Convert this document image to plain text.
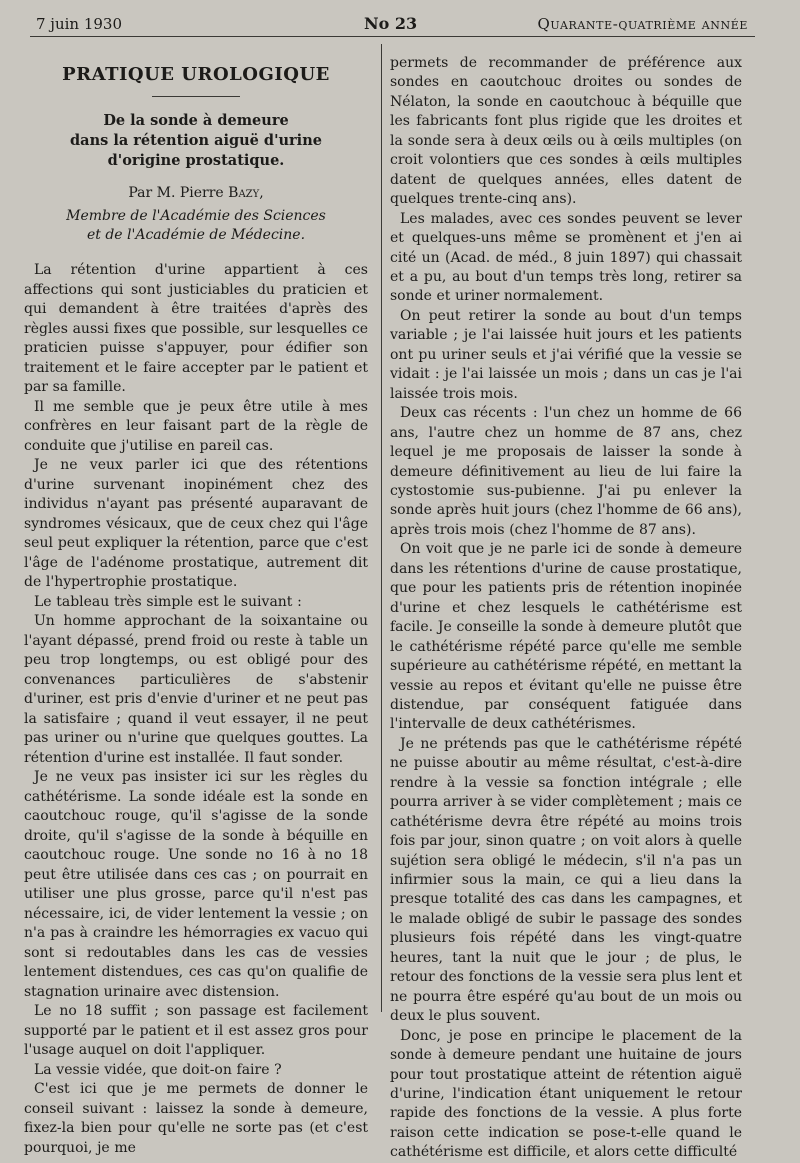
7 juin 1930	No 23	Quarante-quatrième année
PRATIQUE UROLOGIQUE
De la sonde à demeure
dans la rétention aiguë d'urine
d'origine prostatique.
Par M. Pierre Bazy,
Membre de l'Académie des Sciences
et de l'Académie de Médecine.

La rétention d'urine appartient à ces affections qui sont justiciables du praticien et qui demandent à être traitées d'après des règles aussi fixes que possible, sur lesquelles ce praticien puisse s'appuyer, pour édifier son traitement et le faire accepter par le patient et par sa famille.

Il me semble que je peux être utile à mes confrères en leur faisant part de la règle de conduite que j'utilise en pareil cas.

Je ne veux parler ici que des rétentions d'urine survenant inopinément chez des individus n'ayant pas présenté auparavant de syndromes vésicaux, que de ceux chez qui l'âge seul peut expliquer la rétention, parce que c'est l'âge de l'adénome prostatique, autrement dit de l'hypertrophie prostatique.

Le tableau très simple est le suivant :

Un homme approchant de la soixantaine ou l'ayant dépassé, prend froid ou reste à table un peu trop longtemps, ou est obligé pour des convenances particulières de s'abstenir d'uriner, est pris d'envie d'uriner et ne peut pas la satisfaire ; quand il veut essayer, il ne peut pas uriner ou n'urine que quelques gouttes. La rétention d'urine est installée. Il faut sonder.

Je ne veux pas insister ici sur les règles du cathétérisme. La sonde idéale est la sonde en caoutchouc rouge, qu'il s'agisse de la sonde droite, qu'il s'agisse de la sonde à béquille en caoutchouc rouge. Une sonde no 16 à no 18 peut être utilisée dans ces cas ; on pourrait en utiliser une plus grosse, parce qu'il n'est pas nécessaire, ici, de vider lentement la vessie ; on n'a pas à craindre les hémorragies ex vacuo qui sont si redoutables dans les cas de vessies lentement distendues, ces cas qu'on qualifie de stagnation urinaire avec distension.

Le no 18 suffit ; son passage est facilement supporté par le patient et il est assez gros pour l'usage auquel on doit l'appliquer.

La vessie vidée, que doit-on faire ?

C'est ici que je me permets de donner le conseil suivant : laissez la sonde à demeure, fixez-la bien pour qu'elle ne sorte pas (et c'est pourquoi, je me

permets de recommander de préférence aux sondes en caoutchouc droites ou sondes de Nélaton, la sonde en caoutchouc à béquille que les fabricants font plus rigide que les droites et la sonde sera à deux œils ou à œils multiples (on croit volontiers que ces sondes à œils multiples datent de quelques années, elles datent de quelques trente-cinq ans).

Les malades, avec ces sondes peuvent se lever et quelques-uns même se promènent et j'en ai cité un (Acad. de méd., 8 juin 1897) qui chassait et a pu, au bout d'un temps très long, retirer sa sonde et uriner normalement.

On peut retirer la sonde au bout d'un temps variable ; je l'ai laissée huit jours et les patients ont pu uriner seuls et j'ai vérifié que la vessie se vidait : je l'ai laissée un mois ; dans un cas je l'ai laissée trois mois.

Deux cas récents : l'un chez un homme de 66 ans, l'autre chez un homme de 87 ans, chez lequel je me proposais de laisser la sonde à demeure définitivement au lieu de lui faire la cystostomie sus-pubienne. J'ai pu enlever la sonde après huit jours (chez l'homme de 66 ans), après trois mois (chez l'homme de 87 ans).

On voit que je ne parle ici de sonde à demeure dans les rétentions d'urine de cause prostatique, que pour les patients pris de rétention inopinée d'urine et chez lesquels le cathétérisme est facile. Je conseille la sonde à demeure plutôt que le cathétérisme répété parce qu'elle me semble supérieure au cathétérisme répété, en mettant la vessie au repos et évitant qu'elle ne puisse être distendue, par conséquent fatiguée dans l'intervalle de deux cathétérismes.

Je ne prétends pas que le cathétérisme répété ne puisse aboutir au même résultat, c'est-à-dire rendre à la vessie sa fonction intégrale ; elle pourra arriver à se vider complètement ; mais ce cathétérisme devra être répété au moins trois fois par jour, sinon quatre ; on voit alors à quelle sujétion sera obligé le médecin, s'il n'a pas un infirmier sous la main, ce qui a lieu dans la presque totalité des cas dans les campagnes, et le malade obligé de subir le passage des sondes plusieurs fois répété dans les vingt-quatre heures, tant la nuit que le jour ; de plus, le retour des fonctions de la vessie sera plus lent et ne pourra être espéré qu'au bout de un mois ou deux le plus souvent.

Donc, je pose en principe le placement de la sonde à demeure pendant une huitaine de jours pour tout prostatique atteint de rétention aiguë d'urine, l'indication étant uniquement le retour rapide des fonctions de la vessie. A plus forte raison cette indication se pose-t-elle quand le cathétérisme est difficile, et alors cette difficulté
